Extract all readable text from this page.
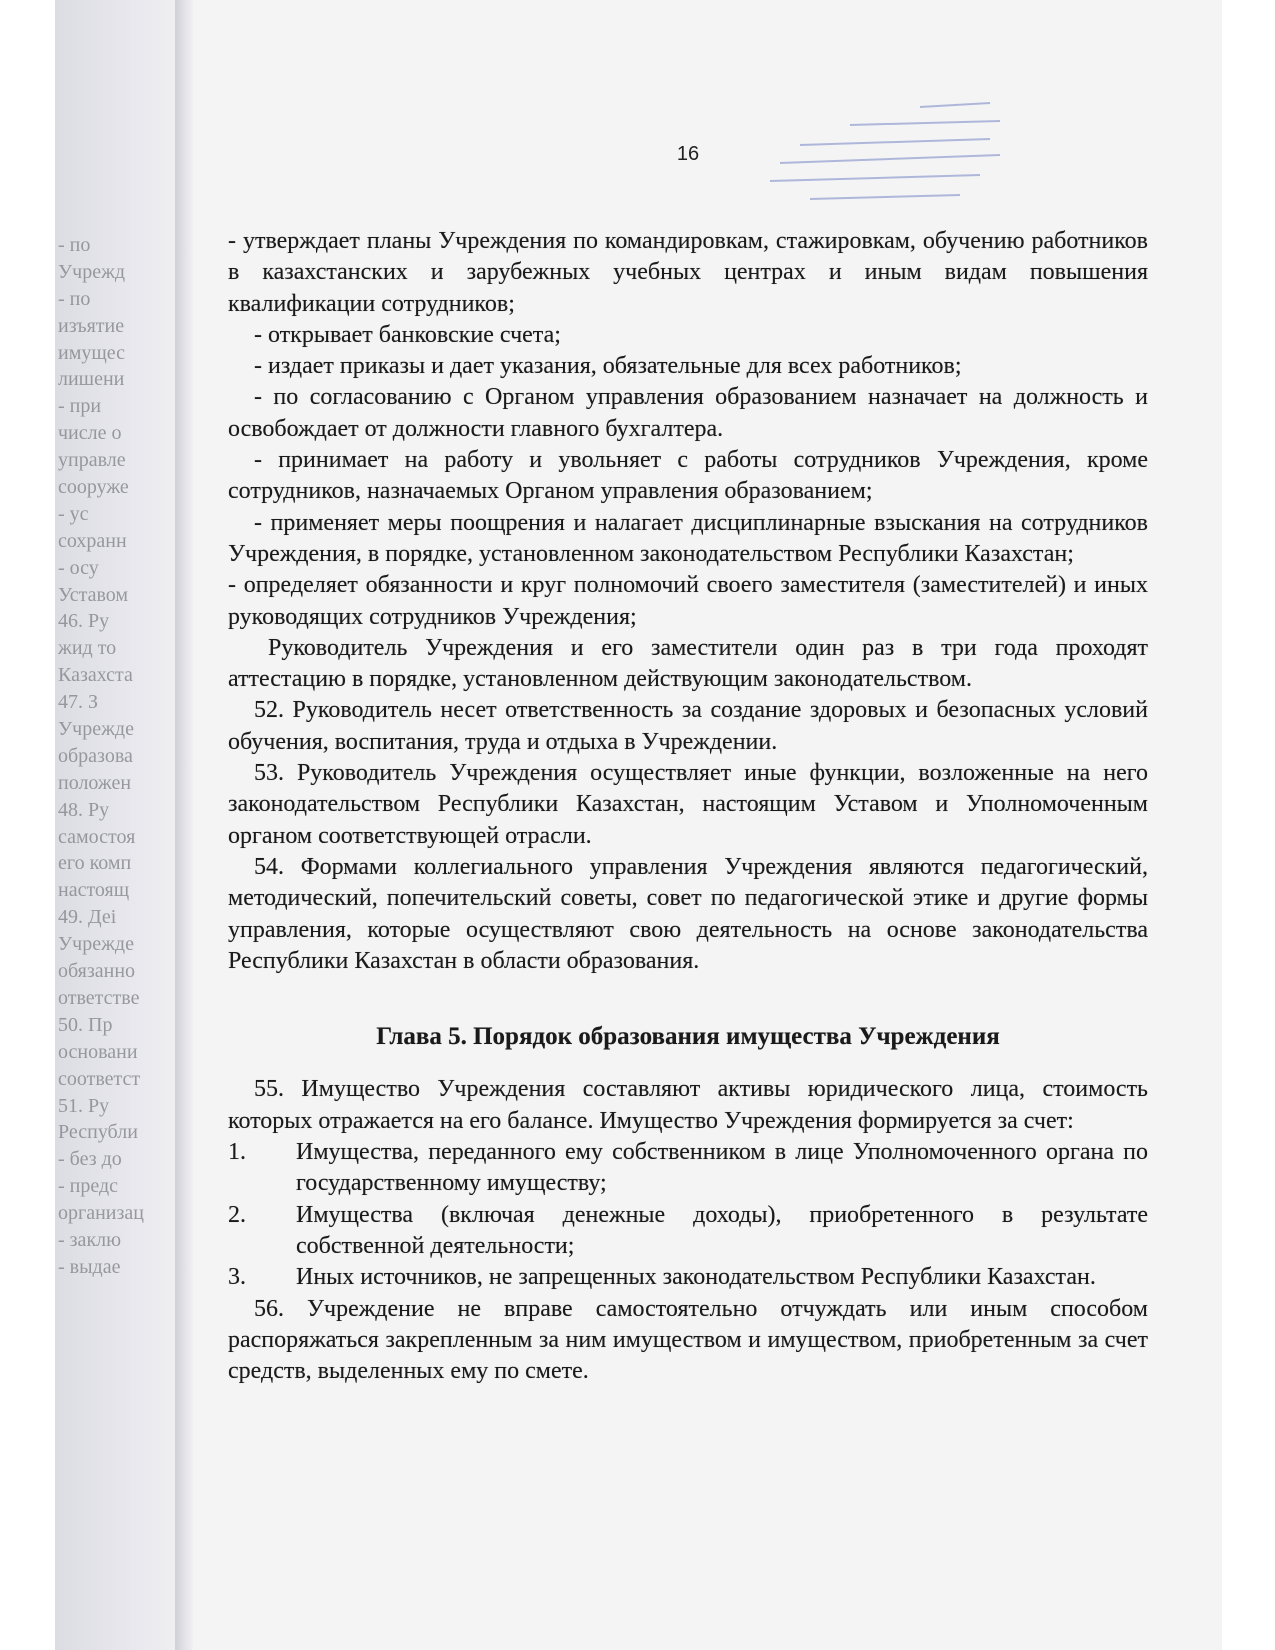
- по
Учрежд
- по
изъятие
имущес
лишени
- при
числе о
управле
сооруже
- ус
сохранн
- осу
Уставом
46. Ру
жид то
Казахста
47. З
Учрежде
образова
положен
48. Ру
самостоя
его комп
настоящ
49. Деі
Учрежде
обязанно
ответстве
50. Пр
основани
соответст
51. Ру
Республи
- без до
- предс
организац
- заклю
- выдае
16

- утверждает планы Учреждения по командировкам, стажировкам, обучению работников в казахстанских и зарубежных учебных центрах и иным видам повышения квалификации сотрудников;

- открывает банковские счета;

- издает приказы и дает указания, обязательные для всех работников;

- по согласованию с Органом управления образованием назначает на должность и освобождает от должности главного бухгалтера.

- принимает на работу и увольняет с работы сотрудников Учреждения, кроме сотрудников, назначаемых Органом управления образованием;

- применяет меры поощрения и налагает дисциплинарные взыскания на сотрудников Учреждения, в порядке, установленном законодательством Республики Казахстан;

- определяет обязанности и круг полномочий своего заместителя (заместителей) и иных руководящих сотрудников Учреждения;

Руководитель Учреждения и его заместители один раз в три года проходят аттестацию в порядке, установленном действующим законодательством.

52. Руководитель несет ответственность за создание здоровых и безопасных условий обучения, воспитания, труда и отдыха в Учреждении.

53. Руководитель Учреждения осуществляет иные функции, возложенные на него законодательством Республики Казахстан, настоящим Уставом и Уполномоченным органом соответствующей отрасли.

54. Формами коллегиального управления Учреждения являются педагогический, методический, попечительский советы, совет по педагогической этике и другие формы управления, которые осуществляют свою деятельность на основе законодательства Республики Казахстан в области образования.

Глава 5. Порядок образования имущества Учреждения

55. Имущество Учреждения составляют активы юридического лица, стоимость которых отражается на его балансе. Имущество Учреждения формируется за счет:

1.	Имущества, переданного ему собственником в лице Уполномоченного органа по государственному имуществу;
2.	Имущества (включая денежные доходы), приобретенного в результате собственной деятельности;
3.	Иных источников, не запрещенных законодательством Республики Казахстан.

56. Учреждение не вправе самостоятельно отчуждать или иным способом распоряжаться закрепленным за ним имуществом и имуществом, приобретенным за счет средств, выделенных ему по смете.
